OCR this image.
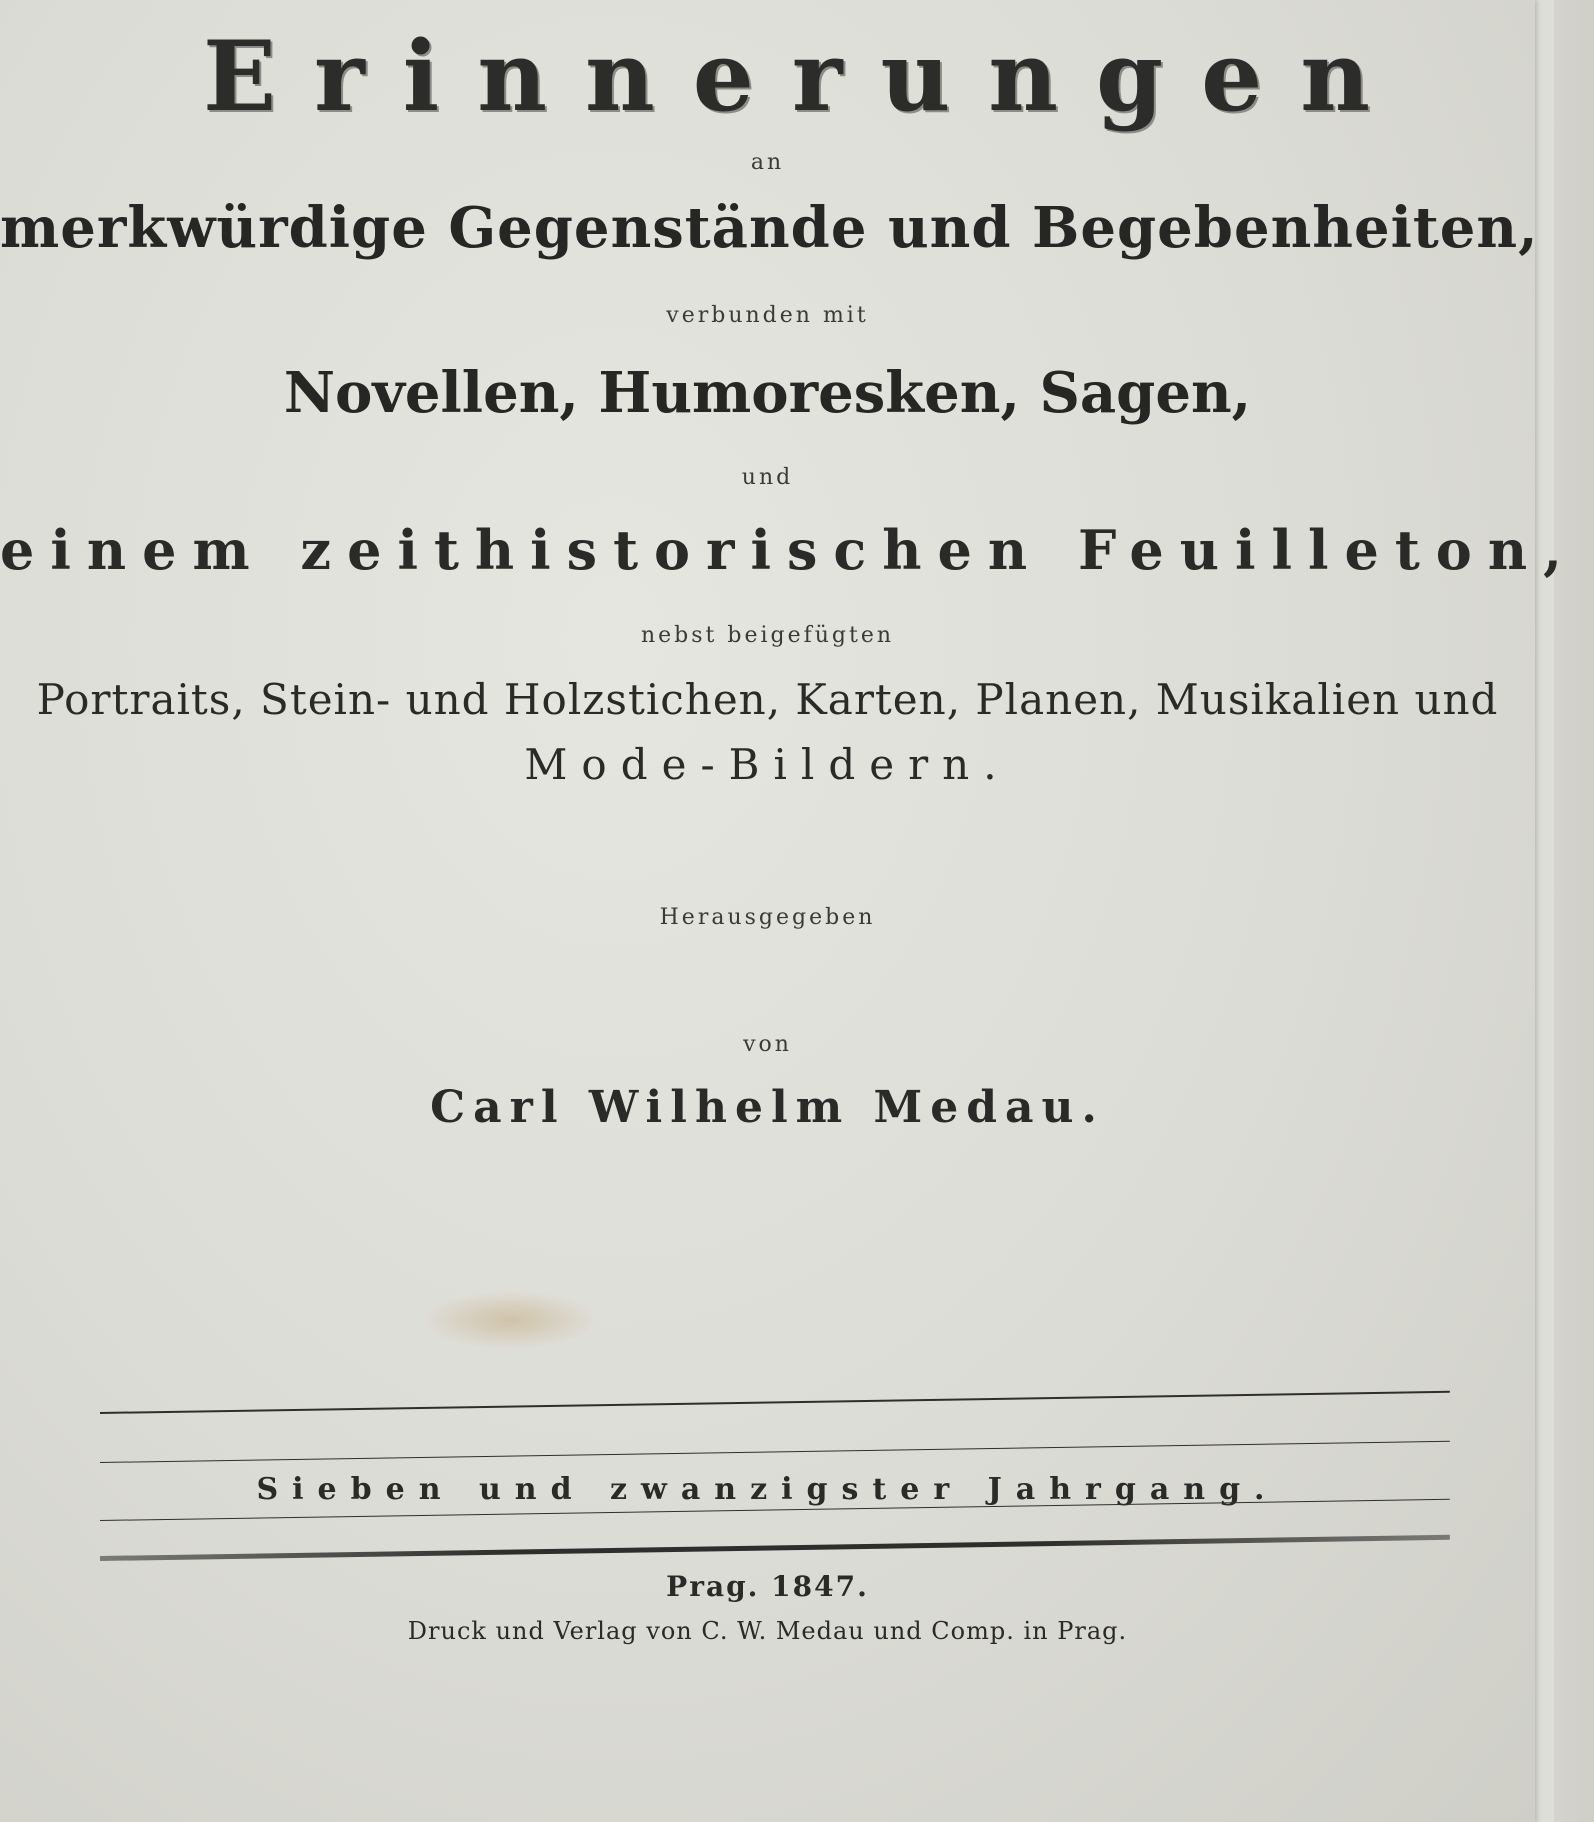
Erinnerungen
an
merkwürdige Gegenstände und Begebenheiten,
verbunden mit
Novellen, Humoresken, Sagen,
und
einem zeithistorischen Feuilleton,
nebst beigefügten
Portraits, Stein- und Holzstichen, Karten, Planen, Musikalien und
Mode-Bildern.
Herausgegeben
von
Carl Wilhelm Medau.
Sieben und zwanzigster Jahrgang.
Prag. 1847.
Druck und Verlag von C. W. Medau und Comp. in Prag.
